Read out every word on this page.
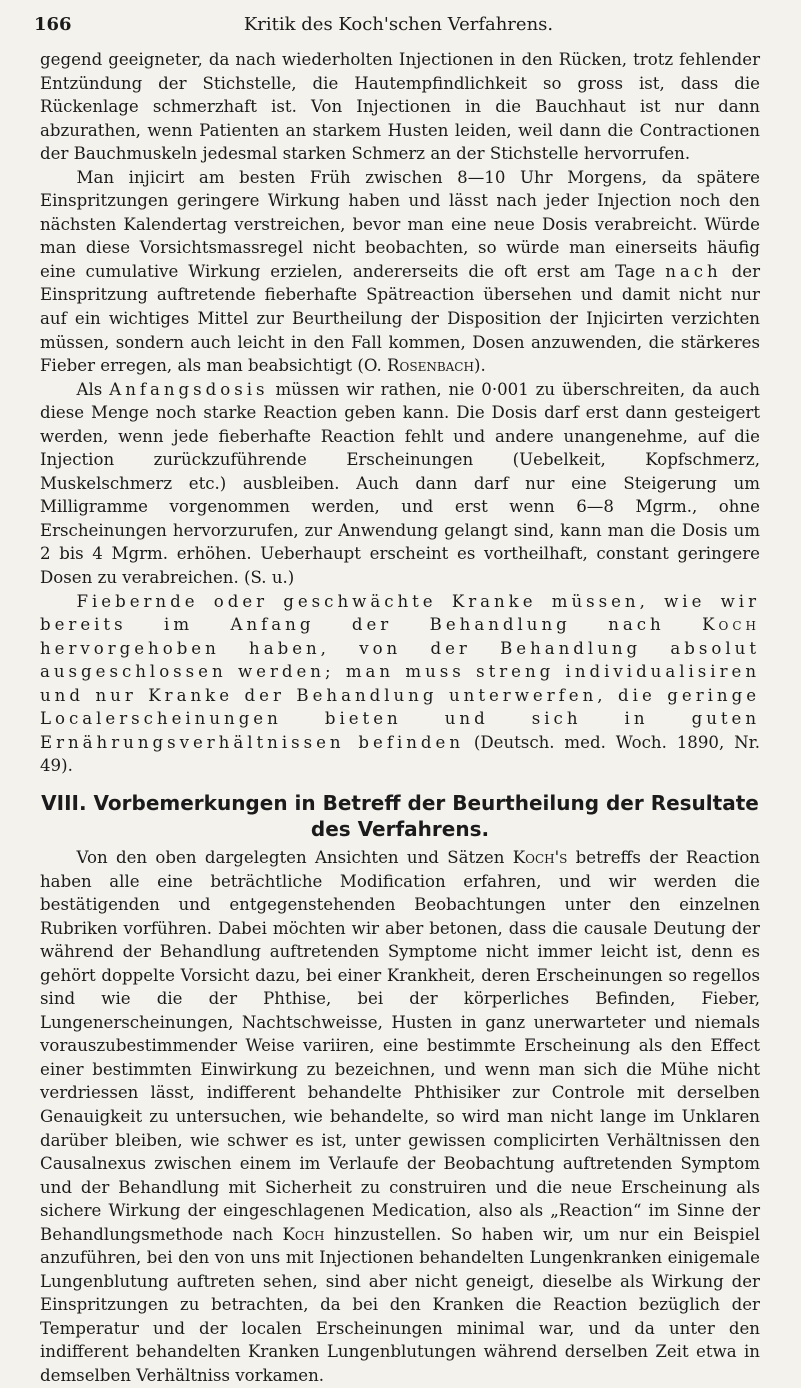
166	Kritik des Koch'schen Verfahrens.

gegend geeigneter, da nach wiederholten Injectionen in den Rücken, trotz fehlender Entzündung der Stichstelle, die Hautempfindlichkeit so gross ist, dass die Rückenlage schmerzhaft ist. Von Injectionen in die Bauchhaut ist nur dann abzurathen, wenn Patienten an starkem Husten leiden, weil dann die Contractionen der Bauchmuskeln jedesmal starken Schmerz an der Stichstelle hervorrufen.

Man injicirt am besten Früh zwischen 8—10 Uhr Morgens, da spätere Einspritzungen geringere Wirkung haben und lässt nach jeder Injection noch den nächsten Kalendertag verstreichen, bevor man eine neue Dosis verabreicht. Würde man diese Vorsichtsmassregel nicht beobachten, so würde man einerseits häufig eine cumulative Wirkung erzielen, andererseits die oft erst am Tage nach der Einspritzung auftretende fieberhafte Spätreaction übersehen und damit nicht nur auf ein wichtiges Mittel zur Beurtheilung der Disposition der Injicirten verzichten müssen, sondern auch leicht in den Fall kommen, Dosen anzuwenden, die stärkeres Fieber erregen, als man beabsichtigt (O. Rosenbach).

Als Anfangsdosis müssen wir rathen, nie 0·001 zu überschreiten, da auch diese Menge noch starke Reaction geben kann. Die Dosis darf erst dann gesteigert werden, wenn jede fieberhafte Reaction fehlt und andere unangenehme, auf die Injection zurückzuführende Erscheinungen (Uebelkeit, Kopfschmerz, Muskelschmerz etc.) ausbleiben. Auch dann darf nur eine Steigerung um Milligramme vorgenommen werden, und erst wenn 6—8 Mgrm., ohne Erscheinungen hervorzurufen, zur Anwendung gelangt sind, kann man die Dosis um 2 bis 4 Mgrm. erhöhen. Ueberhaupt erscheint es vortheilhaft, constant geringere Dosen zu verabreichen. (S. u.)

Fiebernde oder geschwächte Kranke müssen, wie wir bereits im Anfang der Behandlung nach Koch hervorgehoben haben, von der Behandlung absolut ausgeschlossen werden; man muss streng individualisiren und nur Kranke der Behandlung unterwerfen, die geringe Localerscheinungen bieten und sich in guten Ernährungsverhältnissen befinden (Deutsch. med. Woch. 1890, Nr. 49).

VIII. Vorbemerkungen in Betreff der Beurtheilung der Resultate des Verfahrens.

Von den oben dargelegten Ansichten und Sätzen Koch's betreffs der Reaction haben alle eine beträchtliche Modification erfahren, und wir werden die bestätigenden und entgegenstehenden Beobachtungen unter den einzelnen Rubriken vorführen. Dabei möchten wir aber betonen, dass die causale Deutung der während der Behandlung auftretenden Symptome nicht immer leicht ist, denn es gehört doppelte Vorsicht dazu, bei einer Krankheit, deren Erscheinungen so regellos sind wie die der Phthise, bei der körperliches Befinden, Fieber, Lungenerscheinungen, Nachtschweisse, Husten in ganz unerwarteter und niemals vorauszubestimmender Weise variiren, eine bestimmte Erscheinung als den Effect einer bestimmten Einwirkung zu bezeichnen, und wenn man sich die Mühe nicht verdriessen lässt, indifferent behandelte Phthisiker zur Controle mit derselben Genauigkeit zu untersuchen, wie behandelte, so wird man nicht lange im Unklaren darüber bleiben, wie schwer es ist, unter gewissen complicirten Verhältnissen den Causalnexus zwischen einem im Verlaufe der Beobachtung auftretenden Symptom und der Behandlung mit Sicherheit zu construiren und die neue Erscheinung als sichere Wirkung der eingeschlagenen Medication, also als „Reaction“ im Sinne der Behandlungsmethode nach Koch hinzustellen. So haben wir, um nur ein Beispiel anzuführen, bei den von uns mit Injectionen behandelten Lungenkranken einigemale Lungenblutung auftreten sehen, sind aber nicht geneigt, dieselbe als Wirkung der Einspritzungen zu betrachten, da bei den Kranken die Reaction bezüglich der Temperatur und der localen Erscheinungen minimal war, und da unter den indifferent behandelten Kranken Lungenblutungen während derselben Zeit etwa in demselben Verhältniss vorkamen.
